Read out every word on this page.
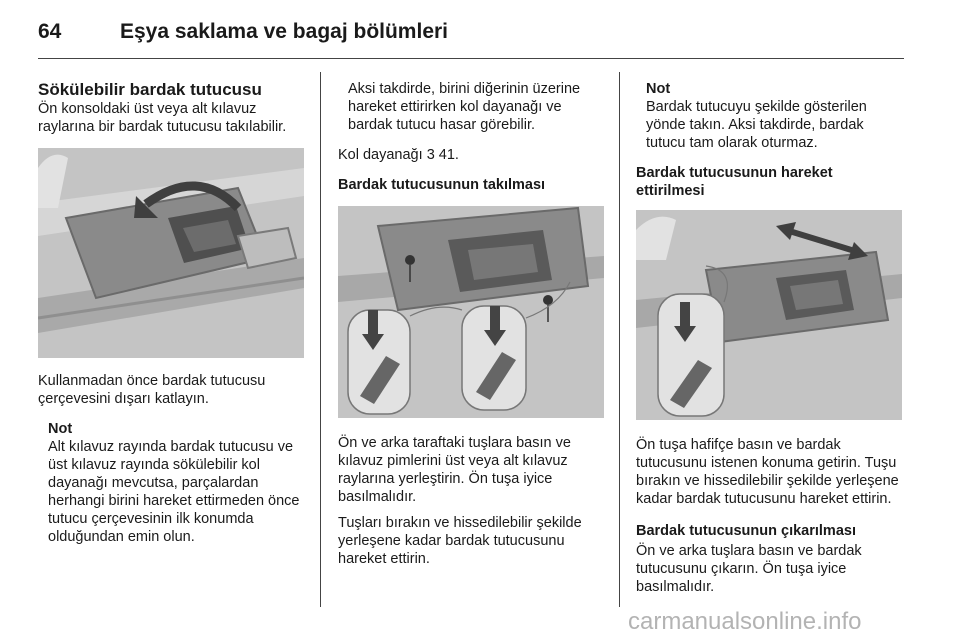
64	Eşya saklama ve bagaj bölümleri
Sökülebilir bardak tutucusu

Ön konsoldaki üst veya alt kılavuz raylarına bir bardak tutucusu takılabilir.

Kullanmadan önce bardak tutucusu çerçevesini dışarı katlayın.

Not

Alt kılavuz rayında bardak tutucusu ve üst kılavuz rayında sökülebilir kol dayanağı mevcutsa, parçalardan herhangi birini hareket ettirmeden önce tutucu çerçevesinin ilk konumda olduğundan emin olun.

Aksi takdirde, birini diğerinin üzerine hareket ettirirken kol dayanağı ve bardak tutucu hasar görebilir.

Kol dayanağı 3 41.

Bardak tutucusunun takılması

Ön ve arka taraftaki tuşlara basın ve kılavuz pimlerini üst veya alt kılavuz raylarına yerleştirin. Ön tuşa iyice basılmalıdır.

Tuşları bırakın ve hissedilebilir şekilde yerleşene kadar bardak tutucusunu hareket ettirin.

Not

Bardak tutucuyu şekilde gösterilen yönde takın. Aksi takdirde, bardak tutucu tam olarak oturmaz.

Bardak tutucusunun hareket ettirilmesi

Ön tuşa hafifçe basın ve bardak tutucusunu istenen konuma getirin. Tuşu bırakın ve hissedilebilir şekilde yerleşene kadar bardak tutucusunu hareket ettirin.

Bardak tutucusunun çıkarılması

Ön ve arka tuşlara basın ve bardak tutucusunu çıkarın. Ön tuşa iyice basılmalıdır.

carmanualsonline.info
